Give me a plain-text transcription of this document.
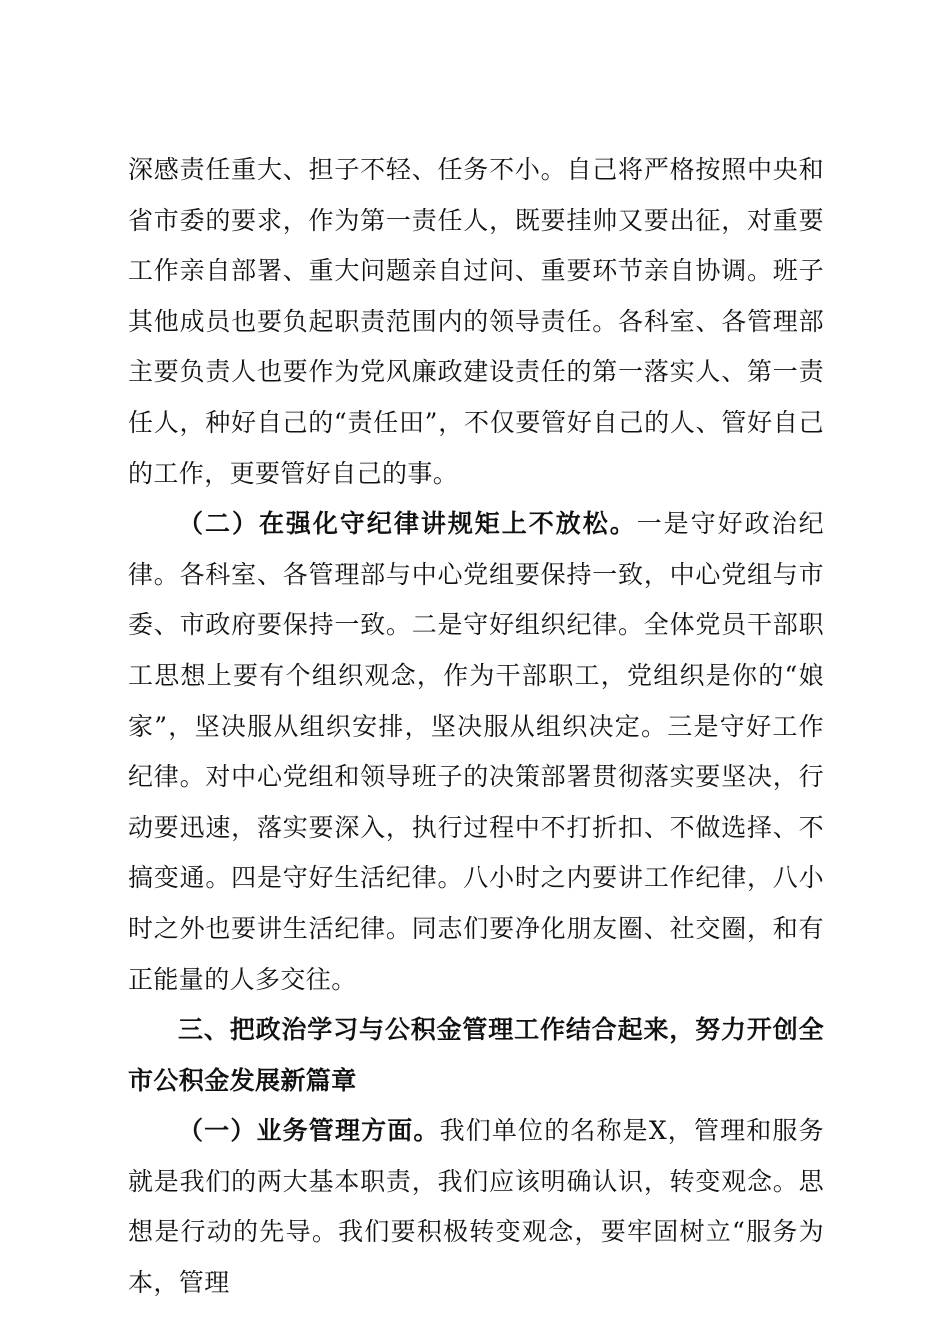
深感责任重大、担子不轻、任务不小。自己将严格按照中央和省市委的要求，作为第一责任人，既要挂帅又要出征，对重要工作亲自部署、重大问题亲自过问、重要环节亲自协调。班子其他成员也要负起职责范围内的领导责任。各科室、各管理部主要负责人也要作为党风廉政建设责任的第一落实人、第一责任人，种好自己的“责任田”，不仅要管好自己的人、管好自己的工作，更要管好自己的事。

（二）在强化守纪律讲规矩上不放松。一是守好政治纪律。各科室、各管理部与中心党组要保持一致，中心党组与市委、市政府要保持一致。二是守好组织纪律。全体党员干部职工思想上要有个组织观念，作为干部职工，党组织是你的“娘家”，坚决服从组织安排，坚决服从组织决定。三是守好工作纪律。对中心党组和领导班子的决策部署贯彻落实要坚决，行动要迅速，落实要深入，执行过程中不打折扣、不做选择、不搞变通。四是守好生活纪律。八小时之内要讲工作纪律，八小时之外也要讲生活纪律。同志们要净化朋友圈、社交圈，和有正能量的人多交往。

三、把政治学习与公积金管理工作结合起来，努力开创全市公积金发展新篇章

（一）业务管理方面。我们单位的名称是X，管理和服务就是我们的两大基本职责，我们应该明确认识，转变观念。思想是行动的先导。我们要积极转变观念，要牢固树立“服务为本，管理
